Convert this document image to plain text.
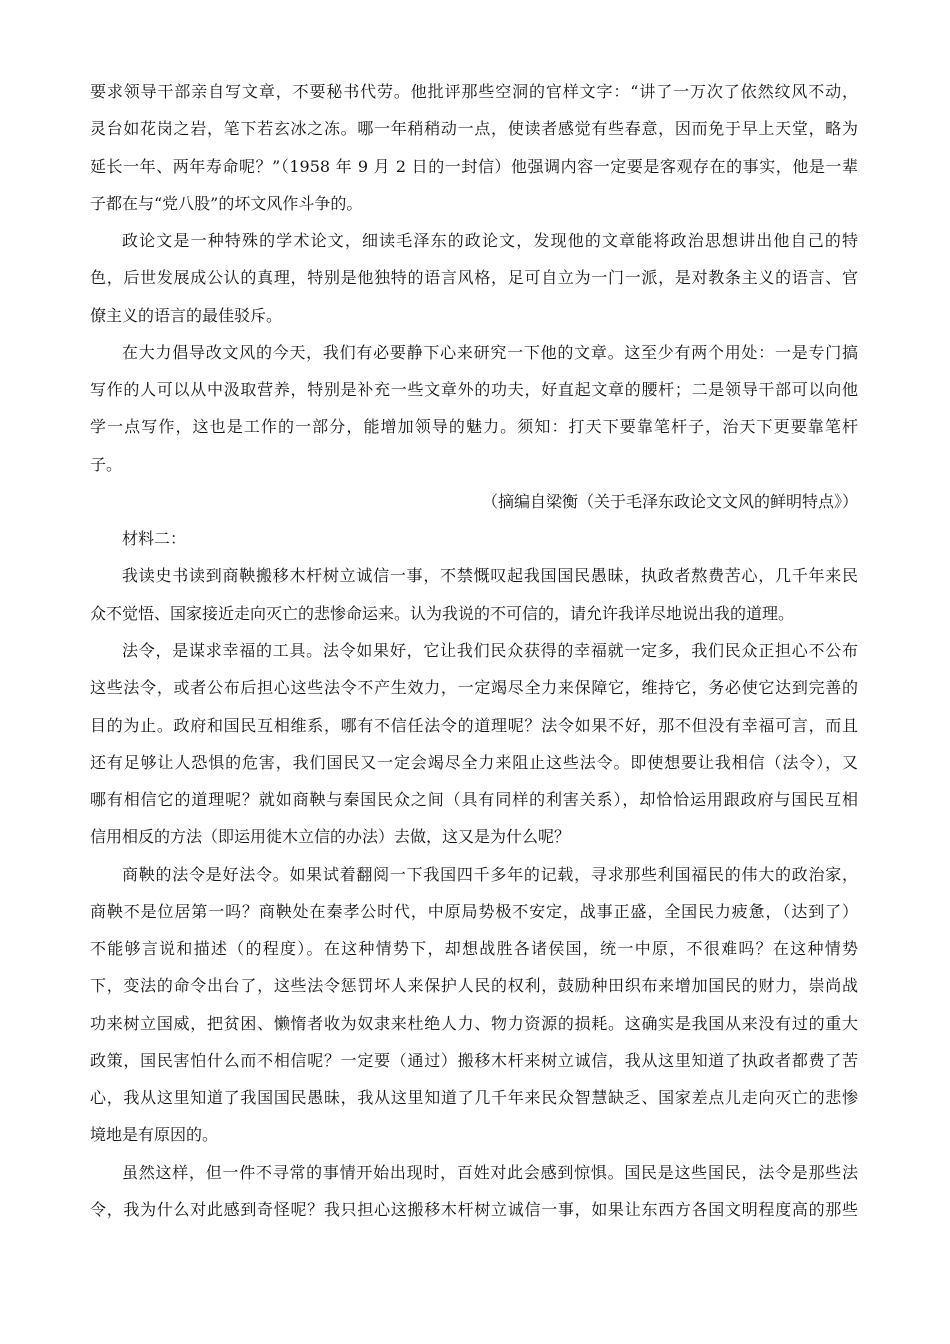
要求领导干部亲自写文章，不要秘书代劳。他批评那些空洞的官样文字：“讲了一万次了依然纹风不动，
灵台如花岗之岩，笔下若玄冰之冻。哪一年稍稍动一点，使读者感觉有些春意，因而免于早上天堂，略为
延长一年、两年寿命呢？”（1958 年 9 月 2 日的一封信）他强调内容一定要是客观存在的事实，他是一辈
子都在与“党八股”的坏文风作斗争的。
政论文是一种特殊的学术论文，细读毛泽东的政论文，发现他的文章能将政治思想讲出他自己的特
色，后世发展成公认的真理，特别是他独特的语言风格，足可自立为一门一派，是对教条主义的语言、官
僚主义的语言的最佳驳斥。
在大力倡导改文风的今天，我们有必要静下心来研究一下他的文章。这至少有两个用处：一是专门搞
写作的人可以从中汲取营养，特别是补充一些文章外的功夫，好直起文章的腰杆；二是领导干部可以向他
学一点写作，这也是工作的一部分，能增加领导的魅力。须知：打天下要靠笔杆子，治天下更要靠笔杆
子。
（摘编自梁衡（关于毛泽东政论文文风的鲜明特点》）
材料二：
我读史书读到商鞅搬移木杆树立诚信一事，不禁慨叹起我国国民愚昧，执政者熬费苦心，几千年来民
众不觉悟、国家接近走向灭亡的悲惨命运来。认为我说的不可信的，请允许我详尽地说出我的道理。
法令，是谋求幸福的工具。法令如果好，它让我们民众获得的幸福就一定多，我们民众正担心不公布
这些法令，或者公布后担心这些法令不产生效力，一定竭尽全力来保障它，维持它，务必使它达到完善的
目的为止。政府和国民互相维系，哪有不信任法令的道理呢？法令如果不好，那不但没有幸福可言，而且
还有足够让人恐惧的危害，我们国民又一定会竭尽全力来阻止这些法令。即使想要让我相信（法令），又
哪有相信它的道理呢？就如商鞅与秦国民众之间（具有同样的利害关系），却恰恰运用跟政府与国民互相
信用相反的方法（即运用徙木立信的办法）去做，这又是为什么呢？
商鞅的法令是好法令。如果试着翻阅一下我国四千多年的记载，寻求那些利国福民的伟大的政治家，
商鞅不是位居第一吗？商鞅处在秦孝公时代，中原局势极不安定，战事正盛，全国民力疲惫，（达到了）
不能够言说和描述（的程度）。在这种情势下，却想战胜各诸侯国，统一中原，不很难吗？在这种情势
下，变法的命令出台了，这些法令惩罚坏人来保护人民的权利，鼓励种田织布来增加国民的财力，崇尚战
功来树立国威，把贫困、懒惰者收为奴隶来杜绝人力、物力资源的损耗。这确实是我国从来没有过的重大
政策，国民害怕什么而不相信呢？一定要（通过）搬移木杆来树立诚信，我从这里知道了执政者都费了苦
心，我从这里知道了我国国民愚昧，我从这里知道了几千年来民众智慧缺乏、国家差点儿走向灭亡的悲惨
境地是有原因的。
虽然这样，但一件不寻常的事情开始出现时，百姓对此会感到惊惧。国民是这些国民，法令是那些法
令，我为什么对此感到奇怪呢？我只担心这搬移木杆树立诚信一事，如果让东西方各国文明程度高的那些
